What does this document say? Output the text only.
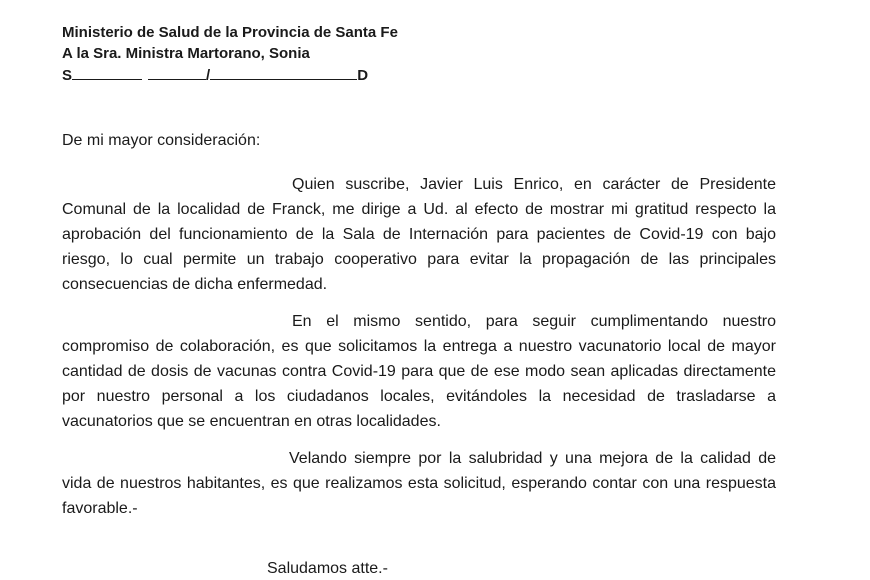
Ministerio de Salud de la Provincia de Santa Fe
A la Sra. Ministra Martorano, Sonia
S	/	D
De mi mayor consideración:
Quien suscribe, Javier Luis Enrico, en carácter de Presidente Comunal de la localidad de Franck, me dirige a Ud. al efecto de mostrar mi gratitud respecto la aprobación del funcionamiento de la Sala de Internación para pacientes de Covid-19 con bajo riesgo, lo cual permite un trabajo cooperativo para evitar la propagación de las principales consecuencias de dicha enfermedad.
En el mismo sentido, para seguir cumplimentando nuestro compromiso de colaboración, es que solicitamos la entrega a nuestro vacunatorio local de mayor cantidad de dosis de vacunas contra Covid-19 para que de ese modo sean aplicadas directamente por nuestro personal a los ciudadanos locales, evitándoles la necesidad de trasladarse a vacunatorios que se encuentran en otras localidades.
Velando siempre por la salubridad y una mejora de la calidad de vida de nuestros habitantes, es que realizamos esta solicitud, esperando contar con una respuesta favorable.-
Saludamos atte.-
